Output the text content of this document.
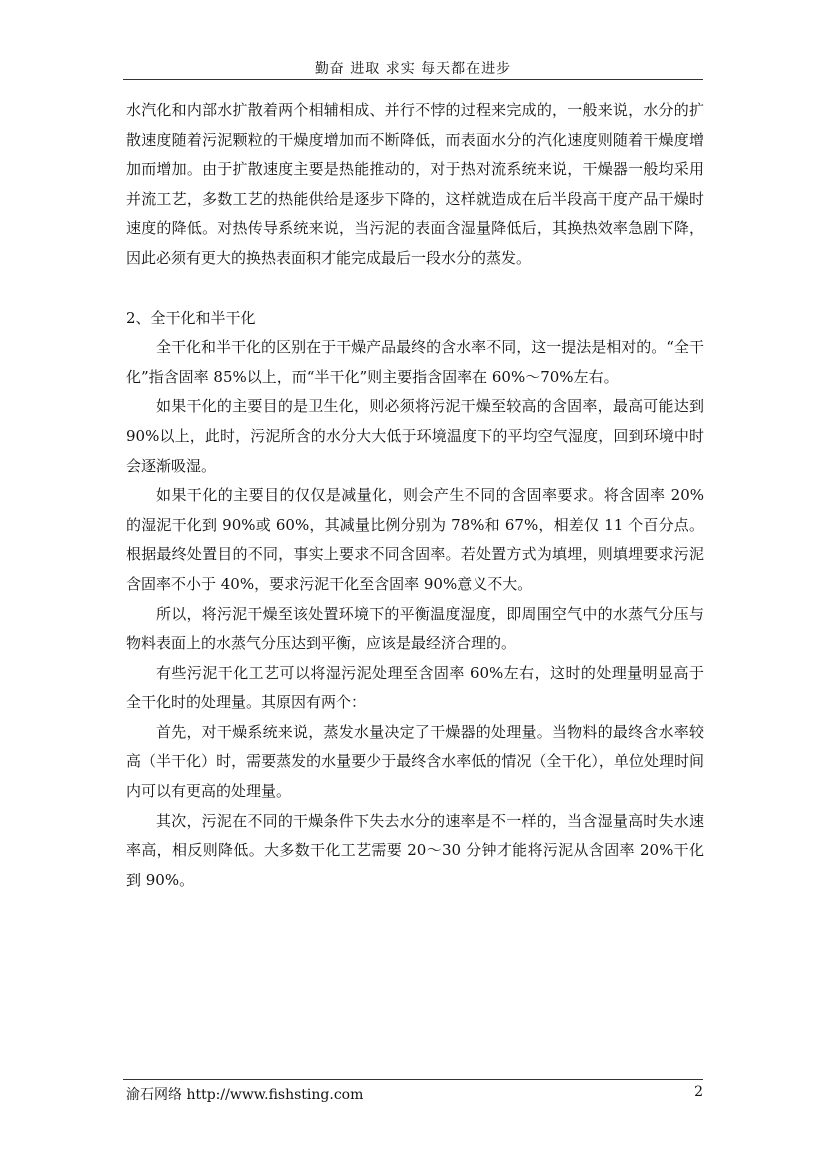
勤奋 进取 求实 每天都在进步

水汽化和内部水扩散着两个相辅相成、并行不悖的过程来完成的，一般来说，水分的扩散速度随着污泥颗粒的干燥度增加而不断降低，而表面水分的汽化速度则随着干燥度增加而增加。由于扩散速度主要是热能推动的，对于热对流系统来说，干燥器一般均采用并流工艺，多数工艺的热能供给是逐步下降的，这样就造成在后半段高干度产品干燥时速度的降低。对热传导系统来说，当污泥的表面含湿量降低后，其换热效率急剧下降，因此必须有更大的换热表面积才能完成最后一段水分的蒸发。

2、全干化和半干化

全干化和半干化的区别在于干燥产品最终的含水率不同，这一提法是相对的。“全干化”指含固率 85%以上，而“半干化”则主要指含固率在 60%～70%左右。

如果干化的主要目的是卫生化，则必须将污泥干燥至较高的含固率，最高可能达到 90%以上，此时，污泥所含的水分大大低于环境温度下的平均空气湿度，回到环境中时会逐渐吸湿。

如果干化的主要目的仅仅是减量化，则会产生不同的含固率要求。将含固率 20%的湿泥干化到 90%或 60%，其减量比例分别为 78%和 67%，相差仅 11 个百分点。根据最终处置目的不同，事实上要求不同含固率。若处置方式为填埋，则填埋要求污泥含固率不小于 40%，要求污泥干化至含固率 90%意义不大。

所以，将污泥干燥至该处置环境下的平衡温度湿度，即周围空气中的水蒸气分压与物料表面上的水蒸气分压达到平衡，应该是最经济合理的。

有些污泥干化工艺可以将湿污泥处理至含固率 60%左右，这时的处理量明显高于全干化时的处理量。其原因有两个：

首先，对干燥系统来说，蒸发水量决定了干燥器的处理量。当物料的最终含水率较高（半干化）时，需要蒸发的水量要少于最终含水率低的情况（全干化），单位处理时间内可以有更高的处理量。

其次，污泥在不同的干燥条件下失去水分的速率是不一样的，当含湿量高时失水速率高，相反则降低。大多数干化工艺需要 20～30 分钟才能将污泥从含固率 20%干化到 90%。

渝石网络 http://www.fishsting.com	2
